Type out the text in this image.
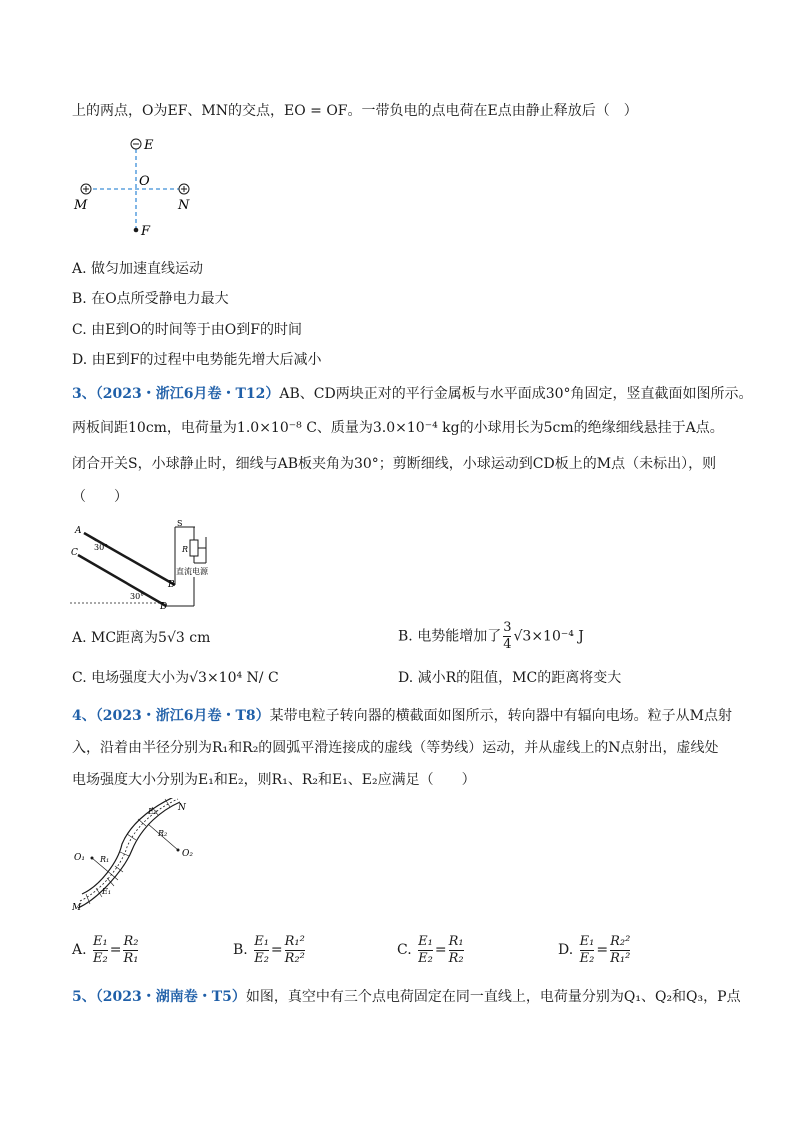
上的两点，O为EF、MN的交点，EO = OF。一带负电的点电荷在E点由静止释放后（　）
E
O
M	N
F
A. 做匀加速直线运动
B. 在O点所受静电力最大
C. 由E到O的时间等于由O到F的时间
D. 由E到F的过程中电势能先增大后减小
3、（2023・浙江6月卷・T12）AB、CD两块正对的平行金属板与水平面成30°角固定，竖直截面如图所示。
两板间距10cm，电荷量为1.0×10⁻⁸ C、质量为3.0×10⁻⁴ kg的小球用长为5cm的绝缘细线悬挂于A点。
闭合开关S，小球静止时，细线与AB板夹角为30°；剪断细线，小球运动到CD板上的M点（未标出），则
（　　）
A
30°
C
B
30°
D
S
R
直流电源
A. MC距离为5√3 cm	B. 电势能增加了 $\frac{3}{4} √3\times 10^{-4}$ J
C. 电场强度大小为√3×10⁴ N/ C	D. 减小R的阻值，MC的距离将变大
4、（2023・浙江6月卷・T8）某带电粒子转向器的横截面如图所示，转向器中有辐向电场。粒子从M点射
入，沿着由半径分别为R₁和R₂的圆弧平滑连接成的虚线（等势线）运动，并从虚线上的N点射出，虚线处
电场强度大小分别为E₁和E₂，则R₁、R₂和E₁、E₂应满足（　　）
N
M
O₁ R₁
E₁
O₂
R₂
E₂
A. $\frac{\text{E₁}}{\text{E₂}} = \frac{\text{R₂}}{\text{R₁}}$	B. $\frac{\text{E₁}}{\text{E₂}} = \frac{\text{R₁²}}{\text{R₂²}}$	C. $\frac{\text{E₁}}{\text{E₂}} = \frac{\text{R₁}}{\text{R₂}}$	D. $\frac{\text{E₁}}{\text{E₂}} = \frac{\text{R₂²}}{\text{R₁²}}$
5、（2023・湖南卷・T5）如图，真空中有三个点电荷固定在同一直线上，电荷量分别为Q₁、Q₂和Q₃，P点
